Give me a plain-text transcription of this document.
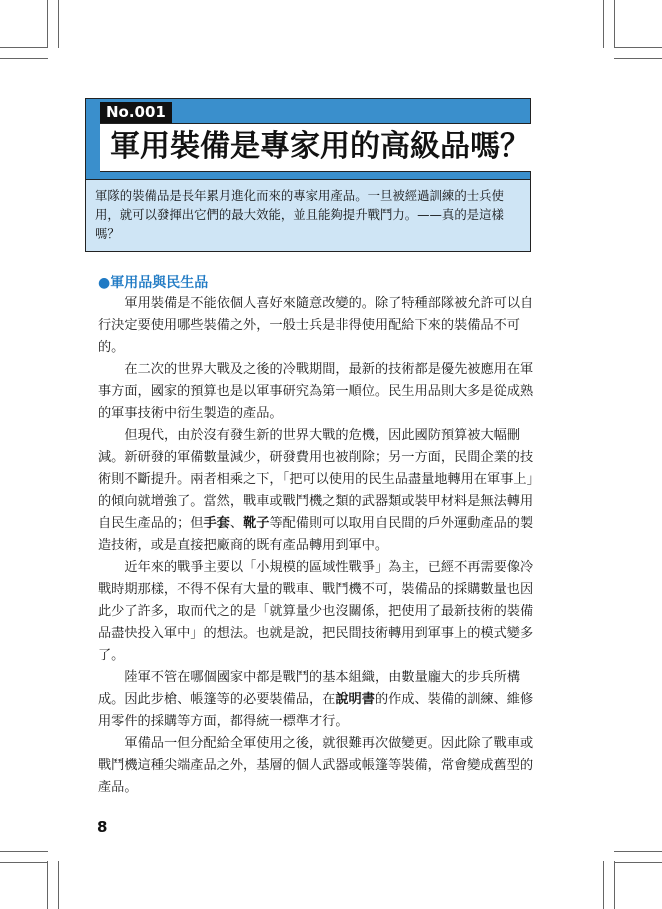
No.001
軍用裝備是專家用的高級品嗎？

軍隊的裝備品是長年累月進化而來的專家用產品。一旦被經過訓練的士兵使用，就可以發揮出它們的最大效能，並且能夠提升戰鬥力。——真的是這樣嗎？

●軍用品與民生品

軍用裝備是不能依個人喜好來隨意改變的。除了特種部隊被允許可以自行決定要使用哪些裝備之外，一般士兵是非得使用配給下來的裝備品不可的。

在二次的世界大戰及之後的冷戰期間，最新的技術都是優先被應用在軍事方面，國家的預算也是以軍事研究為第一順位。民生用品則大多是從成熟的軍事技術中衍生製造的產品。

但現代，由於沒有發生新的世界大戰的危機，因此國防預算被大幅刪減。新研發的軍備數量減少，研發費用也被削除；另一方面，民間企業的技術則不斷提升。兩者相乘之下，「把可以使用的民生品盡量地轉用在軍事上」的傾向就增強了。當然，戰車或戰鬥機之類的武器類或裝甲材料是無法轉用自民生產品的；但手套、靴子等配備則可以取用自民間的戶外運動產品的製造技術，或是直接把廠商的既有產品轉用到軍中。

近年來的戰爭主要以「小規模的區域性戰爭」為主，已經不再需要像冷戰時期那樣，不得不保有大量的戰車、戰鬥機不可，裝備品的採購數量也因此少了許多，取而代之的是「就算量少也沒關係，把使用了最新技術的裝備品盡快投入軍中」的想法。也就是說，把民間技術轉用到軍事上的模式變多了。

陸軍不管在哪個國家中都是戰鬥的基本組織，由數量龐大的步兵所構成。因此步槍、帳篷等的必要裝備品，在說明書的作成、裝備的訓練、維修用零件的採購等方面，都得統一標準才行。

軍備品一但分配給全軍使用之後，就很難再次做變更。因此除了戰車或戰鬥機這種尖端產品之外，基層的個人武器或帳篷等裝備，常會變成舊型的產品。

8
